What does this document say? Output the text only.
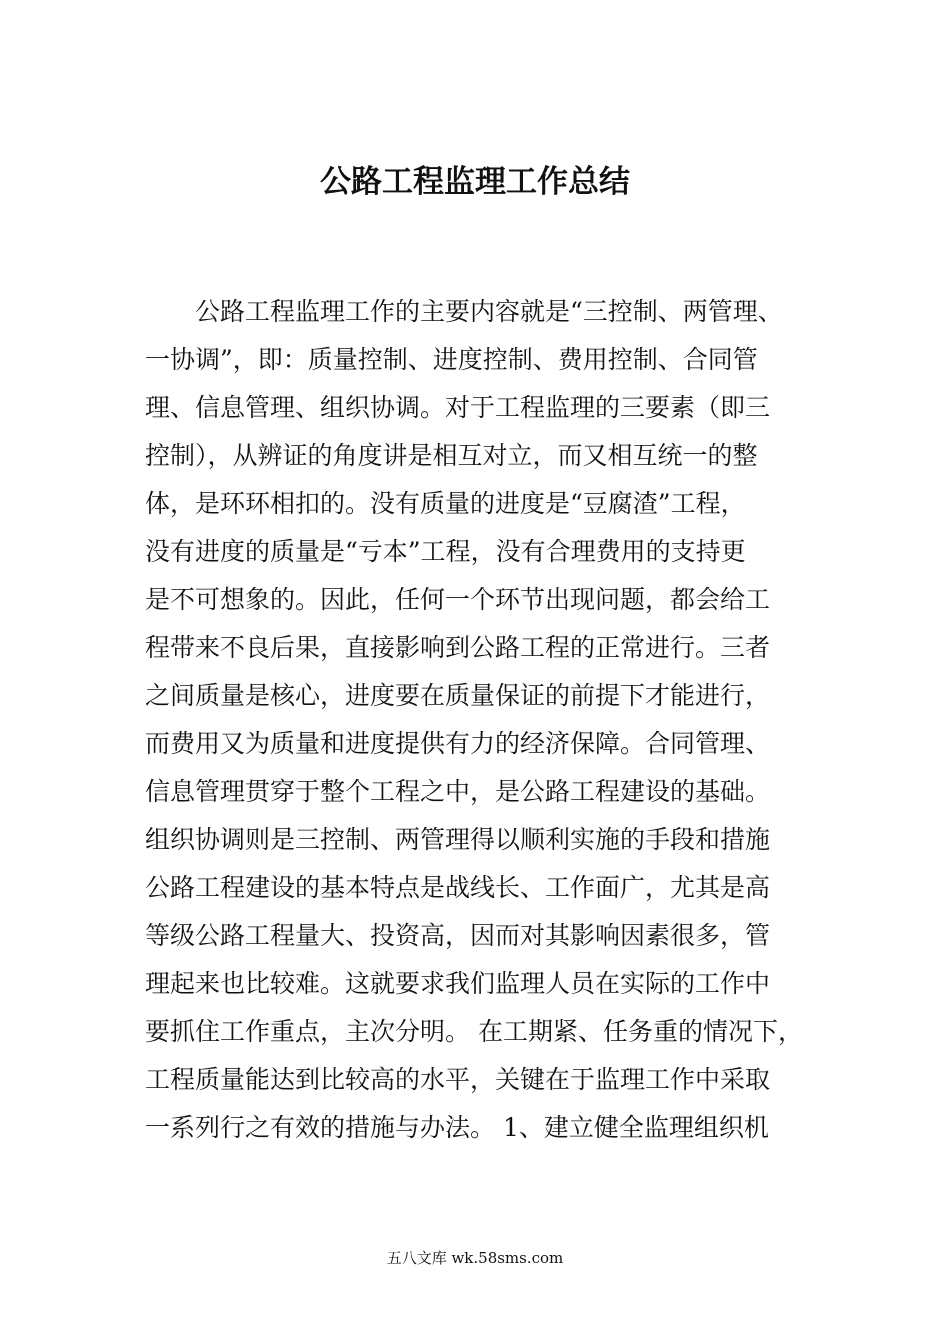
公路工程监理工作总结
　　公路工程监理工作的主要内容就是“三控制、两管理、
一协调”，即：质量控制、进度控制、费用控制、合同管
理、信息管理、组织协调。对于工程监理的三要素（即三
控制），从辨证的角度讲是相互对立，而又相互统一的整
体，是环环相扣的。没有质量的进度是“豆腐渣”工程，
没有进度的质量是“亏本”工程，没有合理费用的支持更
是不可想象的。因此，任何一个环节出现问题，都会给工
程带来不良后果，直接影响到公路工程的正常进行。三者
之间质量是核心，进度要在质量保证的前提下才能进行，
而费用又为质量和进度提供有力的经济保障。合同管理、
信息管理贯穿于整个工程之中，是公路工程建设的基础。
组织协调则是三控制、两管理得以顺利实施的手段和措施
公路工程建设的基本特点是战线长、工作面广，尤其是高
等级公路工程量大、投资高，因而对其影响因素很多，管
理起来也比较难。这就要求我们监理人员在实际的工作中
要抓住工作重点，主次分明。 在工期紧、任务重的情况下，
工程质量能达到比较高的水平，关键在于监理工作中采取
一系列行之有效的措施与办法。 1、建立健全监理组织机
五八文库 wk.58sms.com
